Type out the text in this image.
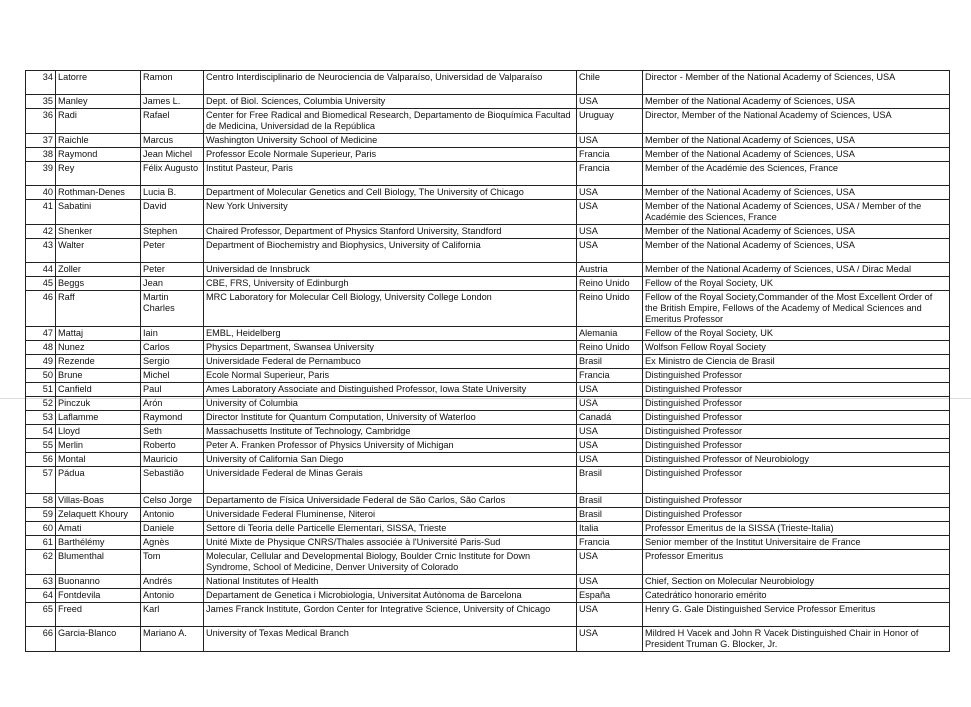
34	Latorre	Ramon	Centro Interdisciplinario de Neurociencia de Valparaíso, Universidad de Valparaíso	Chile	Director - Member of the National Academy of Sciences, USA
35	Manley	James L.	Dept. of Biol. Sciences, Columbia University	USA	Member of the National Academy of Sciences, USA
36	Radi	Rafael	Center for Free Radical and Biomedical Research, Departamento de Bioquímica Facultad de Medicina, Universidad de la República	Uruguay	Director, Member of the National Academy of Sciences, USA
37	Raichle	Marcus	Washington University School of Medicine	USA	Member of the National Academy of Sciences, USA
38	Raymond	Jean Michel	Professor Ecole Normale Superieur, Paris	Francia	Member of the National Academy of Sciences, USA
39	Rey	Félix Augusto	Institut Pasteur, Paris	Francia	Member of the Académie des Sciences, France
40	Rothman-Denes	Lucia B.	Department of Molecular Genetics and Cell Biology, The University of Chicago	USA	Member of the National Academy of Sciences, USA
41	Sabatini	David	New York University	USA	Member of the National Academy of Sciences, USA / Member of the Académie des Sciences, France
42	Shenker	Stephen	Chaired Professor, Department of Physics Stanford University, Standford	USA	Member of the National Academy of Sciences, USA
43	Walter	Peter	Department of Biochemistry and Biophysics, University of California	USA	Member of the National Academy of Sciences, USA
44	Zoller	Peter	Universidad de Innsbruck	Austria	Member of the National Academy of Sciences, USA / Dirac Medal
45	Beggs	Jean	CBE, FRS, University of Edinburgh	Reino Unido	Fellow of the Royal Society, UK
46	Raff	Martin Charles	MRC Laboratory for Molecular Cell Biology, University College London	Reino Unido	Fellow of the Royal Society,Commander of the Most Excellent Order of the British Empire, Fellows of the Academy of Medical Sciences and Emeritus Professor
47	Mattaj	Iain	EMBL, Heidelberg	Alemania	Fellow of the Royal Society, UK
48	Nunez	Carlos	Physics Department, Swansea University	Reino Unido	Wolfson Fellow Royal Society
49	Rezende	Sergio	Universidade Federal de Pernambuco	Brasil	Ex Ministro de Ciencia de Brasil
50	Brune	Michel	Ecole Normal Superieur, Paris	Francia	Distinguished Professor
51	Canfield	Paul	Ames Laboratory Associate and Distinguished Professor, Iowa State University	USA	Distinguished Professor
52	Pinczuk	Arón	University of Columbia	USA	Distinguished Professor
53	Laflamme	Raymond	Director Institute for Quantum Computation, University of Waterloo	Canadá	Distinguished Professor
54	Lloyd	Seth	Massachusetts Institute of Technology, Cambridge	USA	Distinguished Professor
55	Merlin	Roberto	Peter A. Franken Professor of Physics University of Michigan	USA	Distinguished Professor
56	Montal	Mauricio	University of California San Diego	USA	Distinguished Professor of Neurobiology
57	Pádua	Sebastião	Universidade Federal de Minas Gerais	Brasil	Distinguished Professor
58	Villas-Boas	Celso Jorge	Departamento de Física Universidade Federal de São Carlos, São Carlos	Brasil	Distinguished Professor
59	Zelaquett Khoury	Antonio	Universidade Federal Fluminense, Niteroi	Brasil	Distinguished Professor
60	Amati	Daniele	Settore di Teoria delle Particelle Elementari, SISSA, Trieste	Italia	Professor Emeritus de la SISSA (Trieste-Italia)
61	Barthélémy	Agnès	Unité Mixte de Physique CNRS/Thales associée à l'Université Paris-Sud	Francia	Senior member of the Institut Universitaire de France
62	Blumenthal	Tom	Molecular, Cellular and Developmental Biology, Boulder Crnic Institute for Down Syndrome, School of Medicine, Denver University of Colorado	USA	Professor Emeritus
63	Buonanno	Andrés	National Institutes of Health	USA	Chief, Section on Molecular Neurobiology
64	Fontdevila	Antonio	Departament de Genetica i Microbiologia, Universitat Autònoma de Barcelona	España	Catedrático honorario emérito
65	Freed	Karl	James Franck Institute, Gordon Center for Integrative Science, University of Chicago	USA	Henry G. Gale Distinguished Service Professor Emeritus
66	Garcia-Blanco	Mariano A.	University of Texas Medical Branch	USA	Mildred H Vacek and John R Vacek Distinguished Chair in Honor of President Truman G. Blocker, Jr.
